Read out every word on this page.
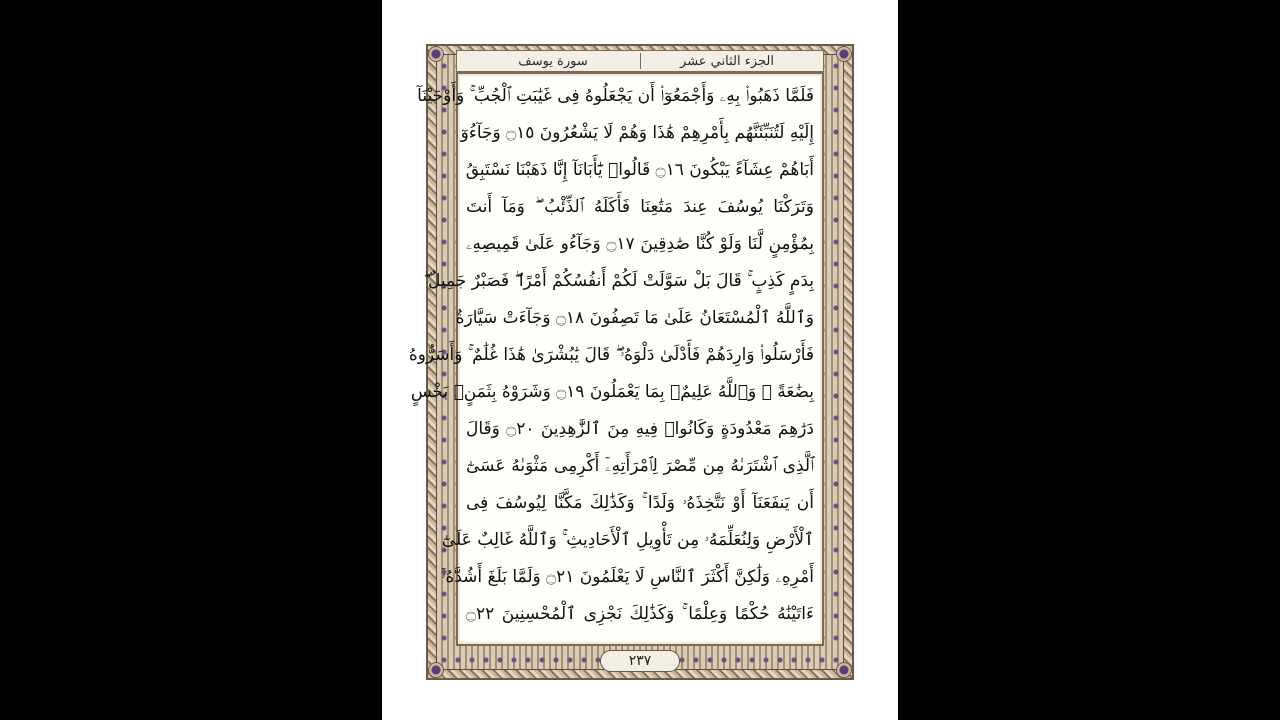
الجزء الثاني عشر
سورة يوسف
فَلَمَّا ذَهَبُوا۟ بِهِۦ وَأَجْمَعُوٓا۟ أَن يَجْعَلُوهُ فِى غَيَٰبَتِ ٱلْجُبِّ ۚ وَأَوْحَيْنَآ
إِلَيْهِ لَتُنَبِّئَنَّهُم بِأَمْرِهِمْ هَٰذَا وَهُمْ لَا يَشْعُرُونَ ۝١٥ وَجَآءُوٓ
أَبَاهُمْ عِشَآءً يَبْكُونَ ۝١٦ قَالُوا۟ يَٰٓأَبَانَآ إِنَّا ذَهَبْنَا نَسْتَبِقُ
وَتَرَكْنَا يُوسُفَ عِندَ مَتَٰعِنَا فَأَكَلَهُ ٱلذِّئْبُ ۖ وَمَآ أَنتَ
بِمُؤْمِنٍ لَّنَا وَلَوْ كُنَّا صَٰدِقِينَ ۝١٧ وَجَآءُو عَلَىٰ قَمِيصِهِۦ
بِدَمٍ كَذِبٍ ۚ قَالَ بَلْ سَوَّلَتْ لَكُمْ أَنفُسُكُمْ أَمْرًا ۖ فَصَبْرٌ جَمِيلٌ ۖ
وَٱللَّهُ ٱلْمُسْتَعَانُ عَلَىٰ مَا تَصِفُونَ ۝١٨ وَجَآءَتْ سَيَّارَةٌ
فَأَرْسَلُوا۟ وَارِدَهُمْ فَأَدْلَىٰ دَلْوَهُۥ ۖ قَالَ يَٰبُشْرَىٰ هَٰذَا غُلَٰمٌ ۚ وَأَسَرُّوهُ
بِضَٰعَةً ۚ وَٱللَّهُ عَلِيمٌۢ بِمَا يَعْمَلُونَ ۝١٩ وَشَرَوْهُ بِثَمَنٍۭ بَخْسٍ
دَرَٰهِمَ مَعْدُودَةٍ وَكَانُوا۟ فِيهِ مِنَ ٱلزَّٰهِدِينَ ۝٢٠ وَقَالَ
ٱلَّذِى ٱشْتَرَىٰهُ مِن مِّصْرَ لِٱمْرَأَتِهِۦٓ أَكْرِمِى مَثْوَىٰهُ عَسَىٰٓ
أَن يَنفَعَنَآ أَوْ نَتَّخِذَهُۥ وَلَدًا ۚ وَكَذَٰلِكَ مَكَّنَّا لِيُوسُفَ فِى
ٱلْأَرْضِ وَلِنُعَلِّمَهُۥ مِن تَأْوِيلِ ٱلْأَحَادِيثِ ۚ وَٱللَّهُ غَالِبٌ عَلَىٰٓ
أَمْرِهِۦ وَلَٰكِنَّ أَكْثَرَ ٱلنَّاسِ لَا يَعْلَمُونَ ۝٢١ وَلَمَّا بَلَغَ أَشُدَّهُۥٓ
ءَاتَيْنَٰهُ حُكْمًا وَعِلْمًا ۚ وَكَذَٰلِكَ نَجْزِى ٱلْمُحْسِنِينَ ۝٢٢
٢٣٧
